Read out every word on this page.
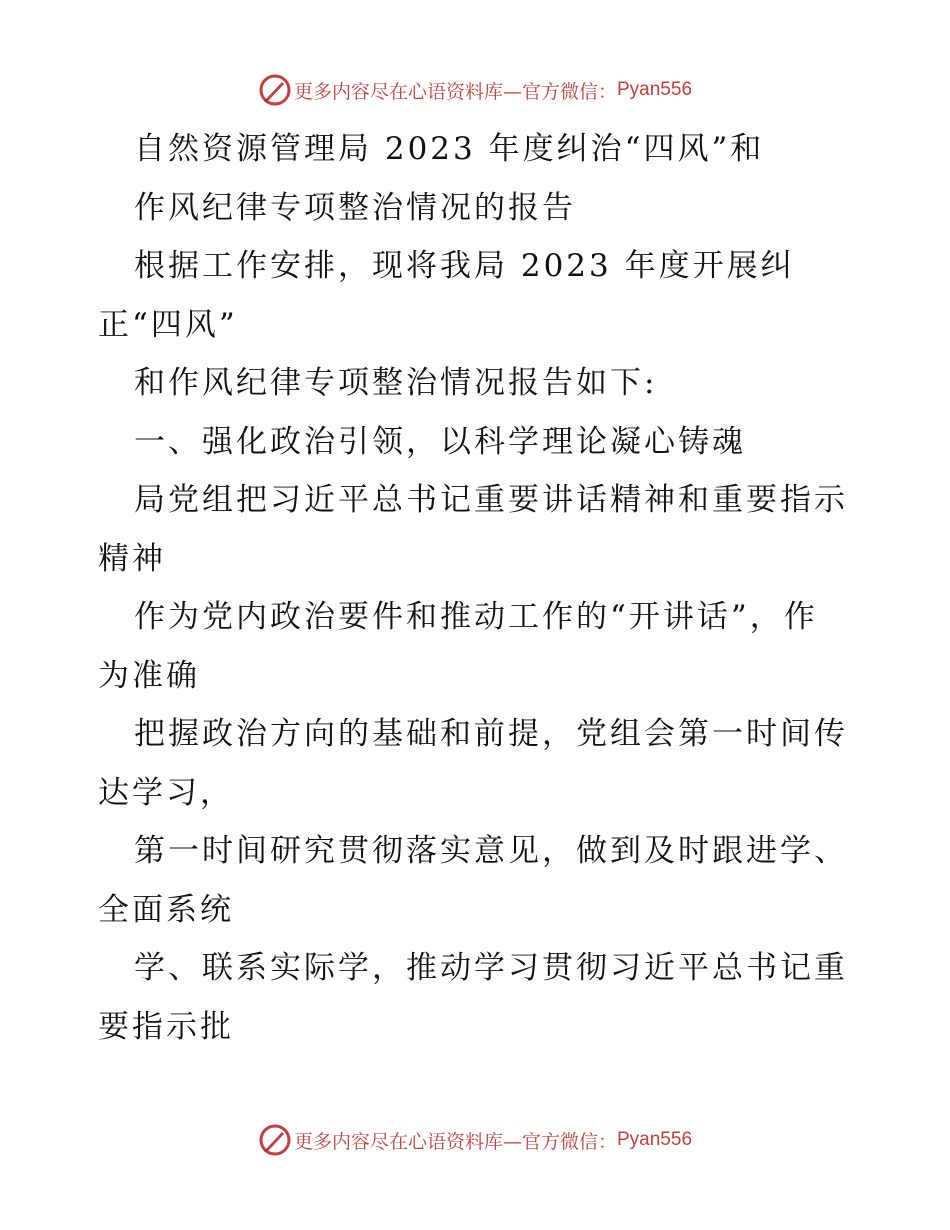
更多内容尽在心语资料库—官方微信： Pyan556
自然资源管理局 2023 年度纠治“四风”和
作风纪律专项整治情况的报告
根据工作安排，现将我局 2023 年度开展纠
正“四风”
和作风纪律专项整治情况报告如下:
一、强化政治引领，以科学理论凝心铸魂
局党组把习近平总书记重要讲话精神和重要指示
精神
作为党内政治要件和推动工作的“开讲话”，作
为准确
把握政治方向的基础和前提，党组会第一时间传
达学习，
第一时间研究贯彻落实意见，做到及时跟进学、
全面系统
学、联系实际学，推动学习贯彻习近平总书记重
要指示批
更多内容尽在心语资料库—官方微信： Pyan556
